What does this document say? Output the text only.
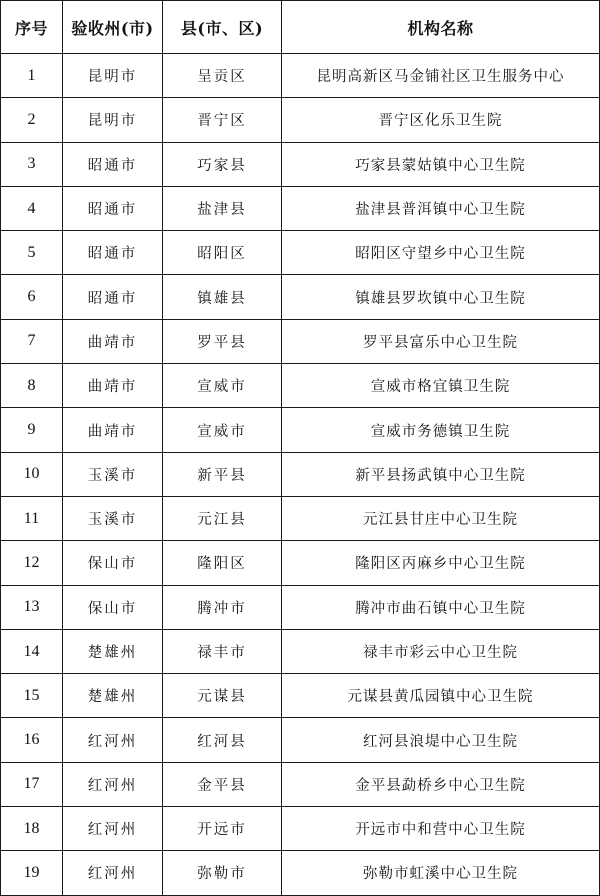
序号	验收州(市)	县(市、区)	机构名称
1	昆明市	呈贡区	昆明高新区马金铺社区卫生服务中心
2	昆明市	晋宁区	晋宁区化乐卫生院
3	昭通市	巧家县	巧家县蒙姑镇中心卫生院
4	昭通市	盐津县	盐津县普洱镇中心卫生院
5	昭通市	昭阳区	昭阳区守望乡中心卫生院
6	昭通市	镇雄县	镇雄县罗坎镇中心卫生院
7	曲靖市	罗平县	罗平县富乐中心卫生院
8	曲靖市	宣威市	宣威市格宜镇卫生院
9	曲靖市	宣威市	宣威市务德镇卫生院
10	玉溪市	新平县	新平县扬武镇中心卫生院
11	玉溪市	元江县	元江县甘庄中心卫生院
12	保山市	隆阳区	隆阳区丙麻乡中心卫生院
13	保山市	腾冲市	腾冲市曲石镇中心卫生院
14	楚雄州	禄丰市	禄丰市彩云中心卫生院
15	楚雄州	元谋县	元谋县黄瓜园镇中心卫生院
16	红河州	红河县	红河县浪堤中心卫生院
17	红河州	金平县	金平县勐桥乡中心卫生院
18	红河州	开远市	开远市中和营中心卫生院
19	红河州	弥勒市	弥勒市虹溪中心卫生院
